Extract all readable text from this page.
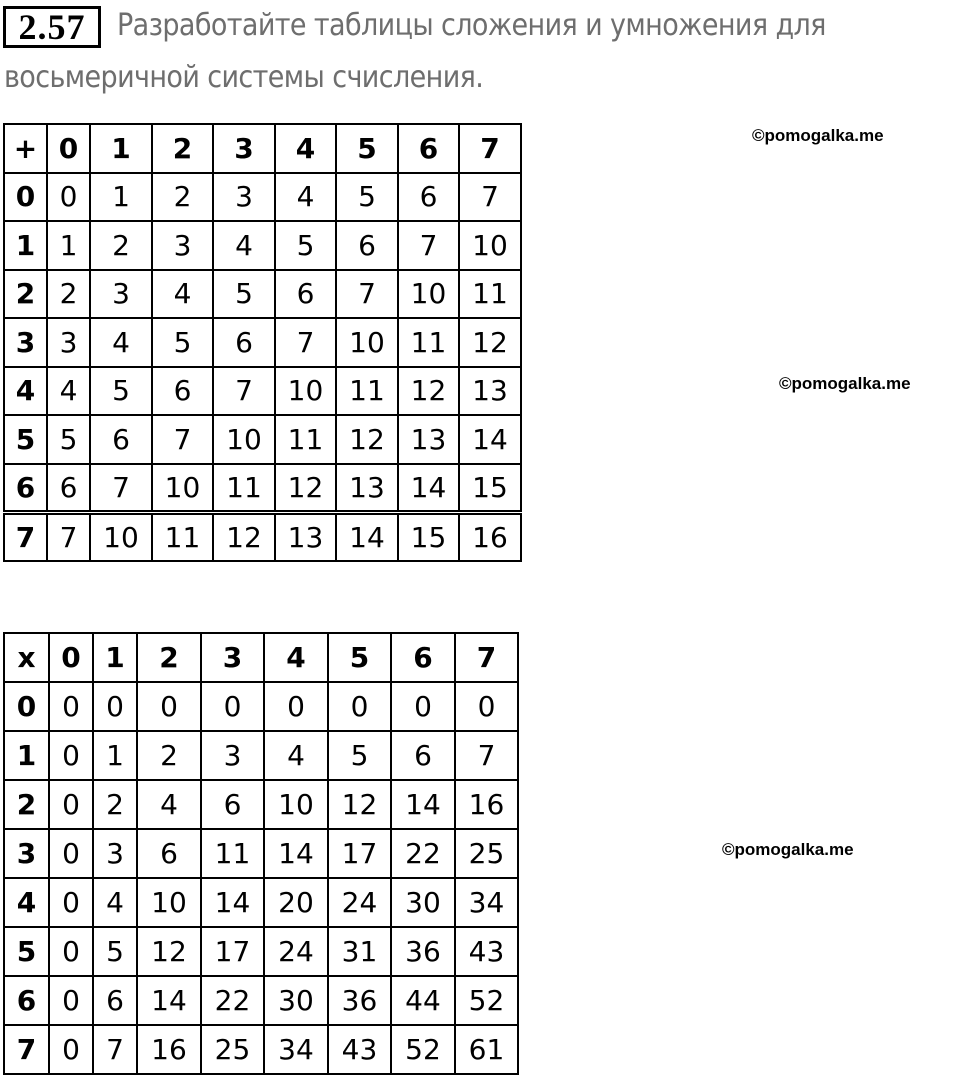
2.57	Разработайте таблицы сложения и умножения для
восьмеричной системы счисления.
©pomogalka.me
©pomogalka.me
©pomogalka.me
+	0	1	2	3	4	5	6	7
0	0	1	2	3	4	5	6	7
1	1	2	3	4	5	6	7	10
2	2	3	4	5	6	7	10	11
3	3	4	5	6	7	10	11	12
4	4	5	6	7	10	11	12	13
5	5	6	7	10	11	12	13	14
6	6	7	10	11	12	13	14	15
7	7	10	11	12	13	14	15	16
x	0	1	2	3	4	5	6	7
0	0	0	0	0	0	0	0	0
1	0	1	2	3	4	5	6	7
2	0	2	4	6	10	12	14	16
3	0	3	6	11	14	17	22	25
4	0	4	10	14	20	24	30	34
5	0	5	12	17	24	31	36	43
6	0	6	14	22	30	36	44	52
7	0	7	16	25	34	43	52	61
